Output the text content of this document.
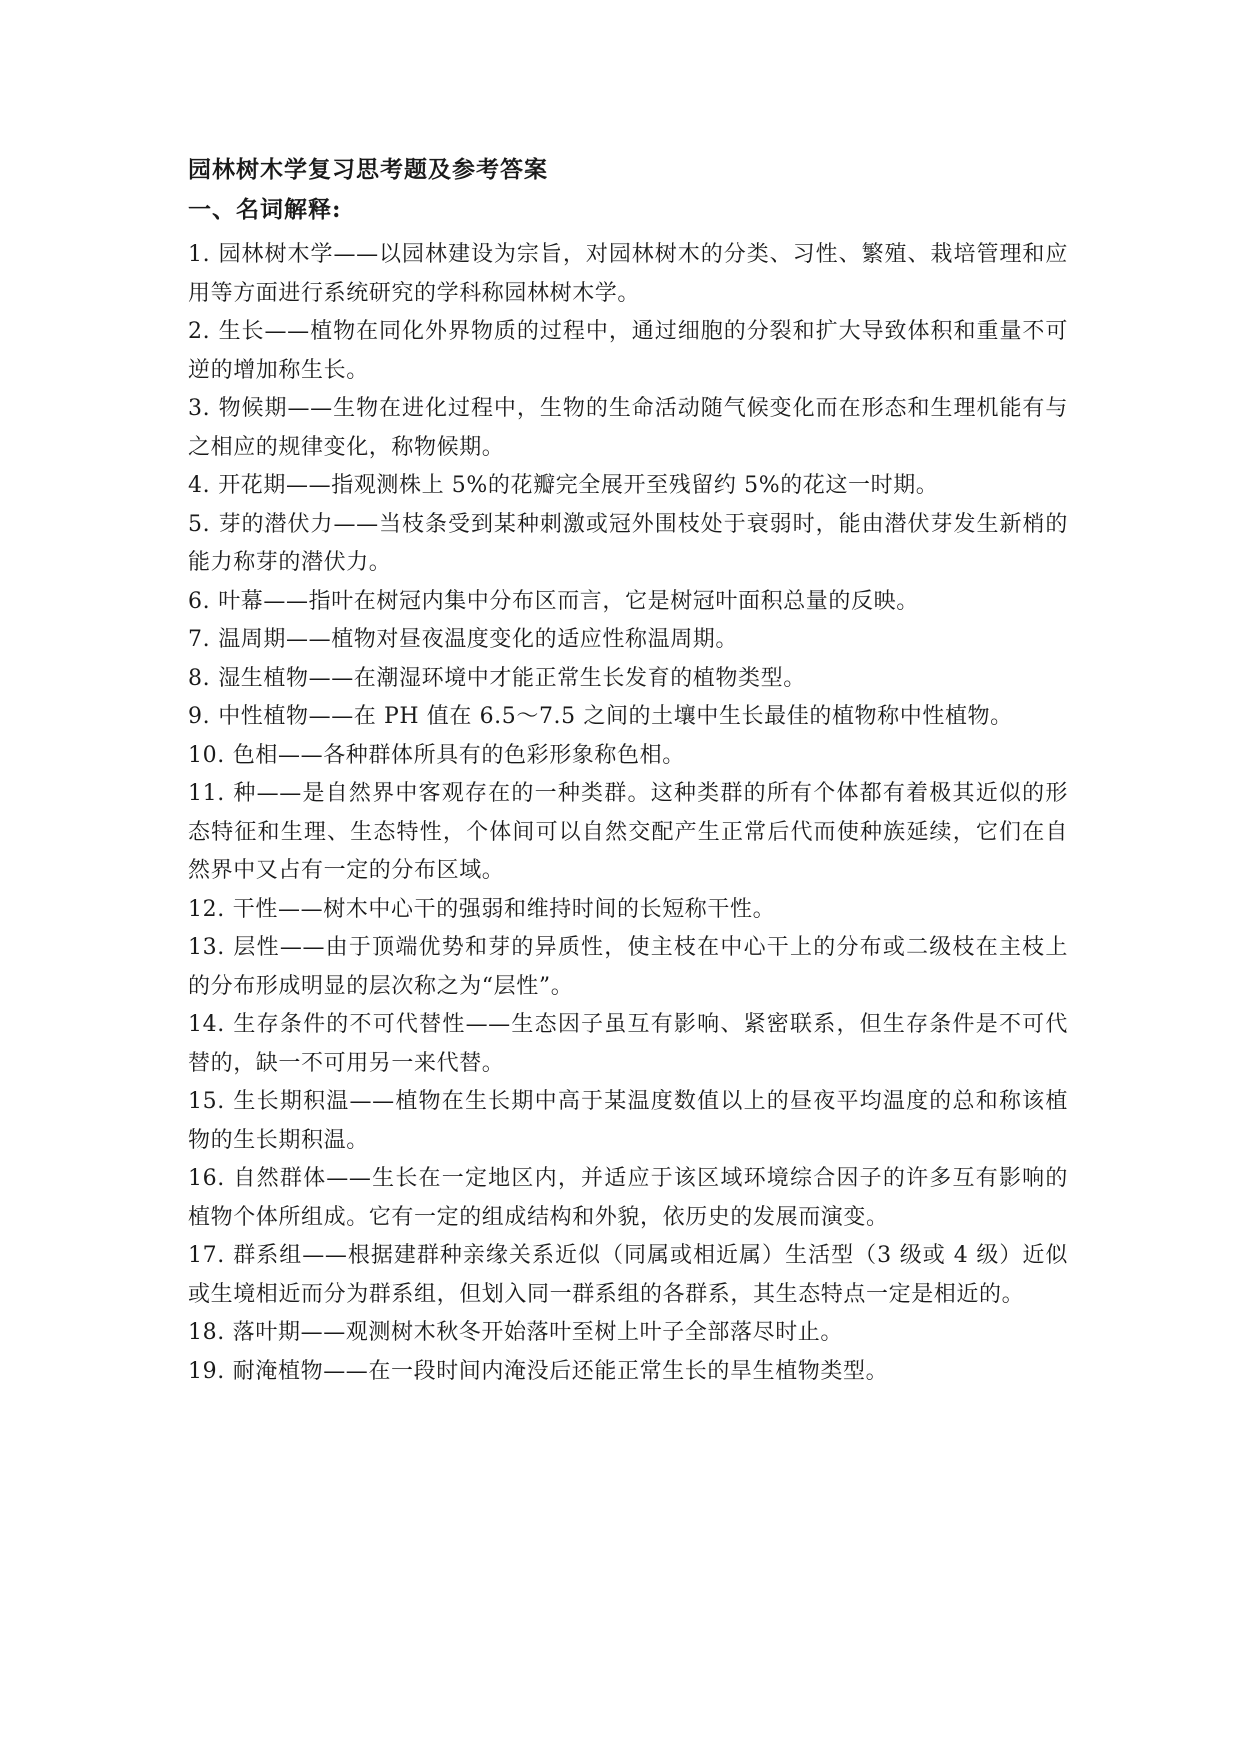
园林树木学复习思考题及参考答案
一、名词解释:
1. 园林树木学——以园林建设为宗旨，对园林树木的分类、习性、繁殖、栽培管理和应用等方面进行系统研究的学科称园林树木学。
2. 生长——植物在同化外界物质的过程中，通过细胞的分裂和扩大导致体积和重量不可逆的增加称生长。
3. 物候期——生物在进化过程中，生物的生命活动随气候变化而在形态和生理机能有与之相应的规律变化，称物候期。
4. 开花期——指观测株上 5%的花瓣完全展开至残留约 5%的花这一时期。
5. 芽的潜伏力——当枝条受到某种刺激或冠外围枝处于衰弱时，能由潜伏芽发生新梢的能力称芽的潜伏力。
6. 叶幕——指叶在树冠内集中分布区而言，它是树冠叶面积总量的反映。
7. 温周期——植物对昼夜温度变化的适应性称温周期。
8. 湿生植物——在潮湿环境中才能正常生长发育的植物类型。
9. 中性植物——在 PH 值在 6.5～7.5 之间的土壤中生长最佳的植物称中性植物。
10. 色相——各种群体所具有的色彩形象称色相。
11. 种——是自然界中客观存在的一种类群。这种类群的所有个体都有着极其近似的形态特征和生理、生态特性，个体间可以自然交配产生正常后代而使种族延续，它们在自然界中又占有一定的分布区域。
12. 干性——树木中心干的强弱和维持时间的长短称干性。
13. 层性——由于顶端优势和芽的异质性，使主枝在中心干上的分布或二级枝在主枝上的分布形成明显的层次称之为“层性”。
14. 生存条件的不可代替性——生态因子虽互有影响、紧密联系，但生存条件是不可代替的，缺一不可用另一来代替。
15. 生长期积温——植物在生长期中高于某温度数值以上的昼夜平均温度的总和称该植物的生长期积温。
16. 自然群体——生长在一定地区内，并适应于该区域环境综合因子的许多互有影响的植物个体所组成。它有一定的组成结构和外貌，依历史的发展而演变。
17. 群系组——根据建群种亲缘关系近似（同属或相近属）生活型（3 级或 4 级）近似或生境相近而分为群系组，但划入同一群系组的各群系，其生态特点一定是相近的。
18. 落叶期——观测树木秋冬开始落叶至树上叶子全部落尽时止。
19. 耐淹植物——在一段时间内淹没后还能正常生长的旱生植物类型。
